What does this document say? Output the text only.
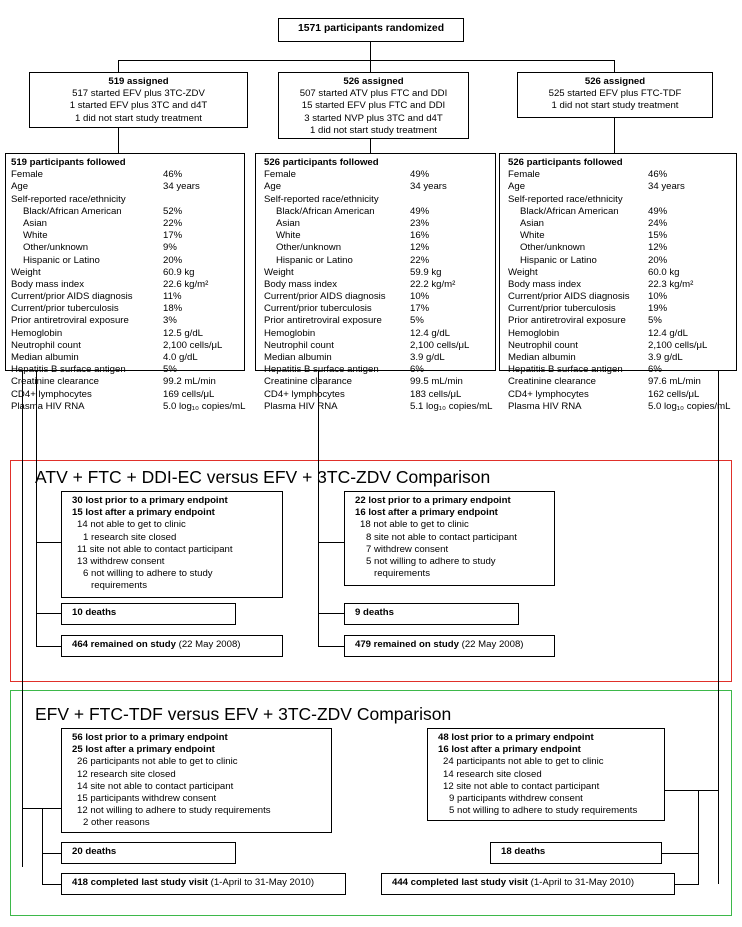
1571 participants randomized
519 assigned
517 started EFV plus 3TC-ZDV
1 started EFV plus 3TC and d4T
1 did not start study treatment
526 assigned
507 started ATV plus FTC and DDI
15 started EFV plus FTC and DDI
3 started NVP plus 3TC and d4T
1 did not start study treatment
526 assigned
525 started EFV plus FTC-TDF
1 did not start study treatment
519 participants followed
Female	46%
Age	34 years
Self-reported race/ethnicity
Black/African American	52%
Asian	22%
White	17%
Other/unknown	9%
Hispanic or Latino	20%
Weight	60.9 kg
Body mass index	22.6 kg/m²
Current/prior AIDS diagnosis	11%
Current/prior tuberculosis	18%
Prior antiretroviral exposure	3%
Hemoglobin	12.5 g/dL
Neutrophil count	2,100 cells/μL
Median albumin	4.0 g/dL
Hepatitis B surface antigen	5%
Creatinine clearance	99.2 mL/min
CD4+ lymphocytes	169 cells/μL
Plasma HIV RNA	5.0 log₁₀ copies/mL
526 participants followed
Female	49%
Age	34 years
Self-reported race/ethnicity
Black/African American	49%
Asian	23%
White	16%
Other/unknown	12%
Hispanic or Latino	22%
Weight	59.9 kg
Body mass index	22.2 kg/m²
Current/prior AIDS diagnosis	10%
Current/prior tuberculosis	17%
Prior antiretroviral exposure	5%
Hemoglobin	12.4 g/dL
Neutrophil count	2,100 cells/μL
Median albumin	3.9 g/dL
Hepatitis B surface antigen	6%
Creatinine clearance	99.5 mL/min
CD4+ lymphocytes	183 cells/μL
Plasma HIV RNA	5.1 log₁₀ copies/mL
526 participants followed
Female	46%
Age	34 years
Self-reported race/ethnicity
Black/African American	49%
Asian	24%
White	15%
Other/unknown	12%
Hispanic or Latino	20%
Weight	60.0 kg
Body mass index	22.3 kg/m²
Current/prior AIDS diagnosis 10%
Current/prior tuberculosis	19%
Prior antiretroviral exposure 5%
Hemoglobin	12.4 g/dL
Neutrophil count	2,100 cells/μL
Median albumin	3.9 g/dL
Hepatitis B surface antigen	6%
Creatinine clearance	97.6 mL/min
CD4+ lymphocytes	162 cells/μL
Plasma HIV RNA	5.0 log₁₀ copies/mL
ATV + FTC + DDI-EC versus EFV + 3TC-ZDV Comparison
30 lost prior to a primary endpoint
15 lost after a primary endpoint
14 not able to get to clinic
1 research site closed
11 site not able to contact participant
13 withdrew consent
6 not willing to adhere to study
requirements
10 deaths
464 remained on study (22 May 2008)
22 lost prior to a primary endpoint
16 lost after a primary endpoint
18 not able to get to clinic
8 site not able to contact participant
7 withdrew consent
5 not willing to adhere to study
requirements
9 deaths
479 remained on study (22 May 2008)
EFV + FTC-TDF versus EFV + 3TC-ZDV Comparison
56 lost prior to a primary endpoint
25 lost after a primary endpoint
26 participants not able to get to clinic
12 research site closed
14 site not able to contact participant
15 participants withdrew consent
12 not willing to adhere to study requirements
2 other reasons
20 deaths
418 completed last study visit (1-April to 31-May 2010)
48 lost prior to a primary endpoint
16 lost after a primary endpoint
24 participants not able to get to clinic
14 research site closed
12 site not able to contact participant
9 participants withdrew consent
5 not willing to adhere to study requirements
18 deaths
444 completed last study visit (1-April to 31-May 2010)
